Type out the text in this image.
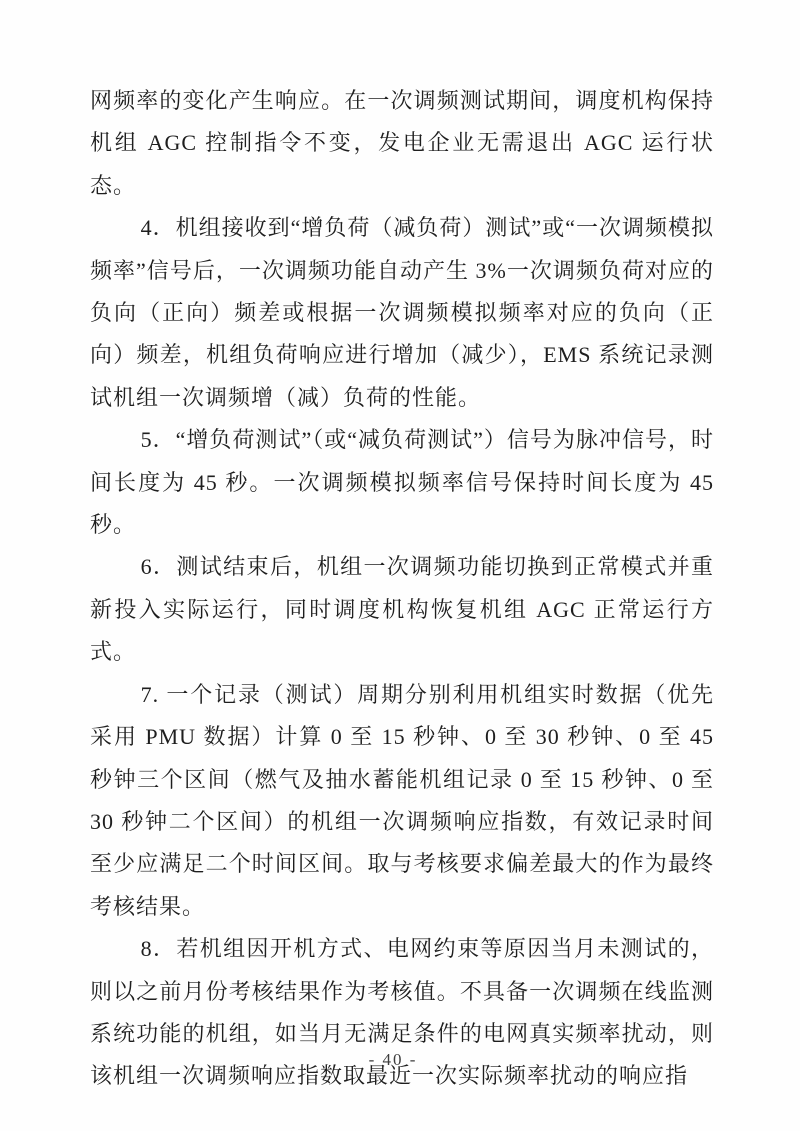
网频率的变化产生响应。在一次调频测试期间，调度机构保持机组 AGC 控制指令不变，发电企业无需退出 AGC 运行状态。

4．机组接收到“增负荷（减负荷）测试”或“一次调频模拟频率”信号后，一次调频功能自动产生 3%一次调频负荷对应的负向（正向）频差或根据一次调频模拟频率对应的负向（正向）频差，机组负荷响应进行增加（减少），EMS 系统记录测试机组一次调频增（减）负荷的性能。

5．“增负荷测试”（或“减负荷测试”）信号为脉冲信号，时间长度为 45 秒。一次调频模拟频率信号保持时间长度为 45 秒。

6．测试结束后，机组一次调频功能切换到正常模式并重新投入实际运行，同时调度机构恢复机组 AGC 正常运行方式。

7. 一个记录（测试）周期分别利用机组实时数据（优先采用 PMU 数据）计算 0 至 15 秒钟、0 至 30 秒钟、0 至 45 秒钟三个区间（燃气及抽水蓄能机组记录 0 至 15 秒钟、0 至 30 秒钟二个区间）的机组一次调频响应指数，有效记录时间至少应满足二个时间区间。取与考核要求偏差最大的作为最终考核结果。

8．若机组因开机方式、电网约束等原因当月未测试的，则以之前月份考核结果作为考核值。不具备一次调频在线监测系统功能的机组，如当月无满足条件的电网真实频率扰动，则该机组一次调频响应指数取最近一次实际频率扰动的响应指

- 40 -
